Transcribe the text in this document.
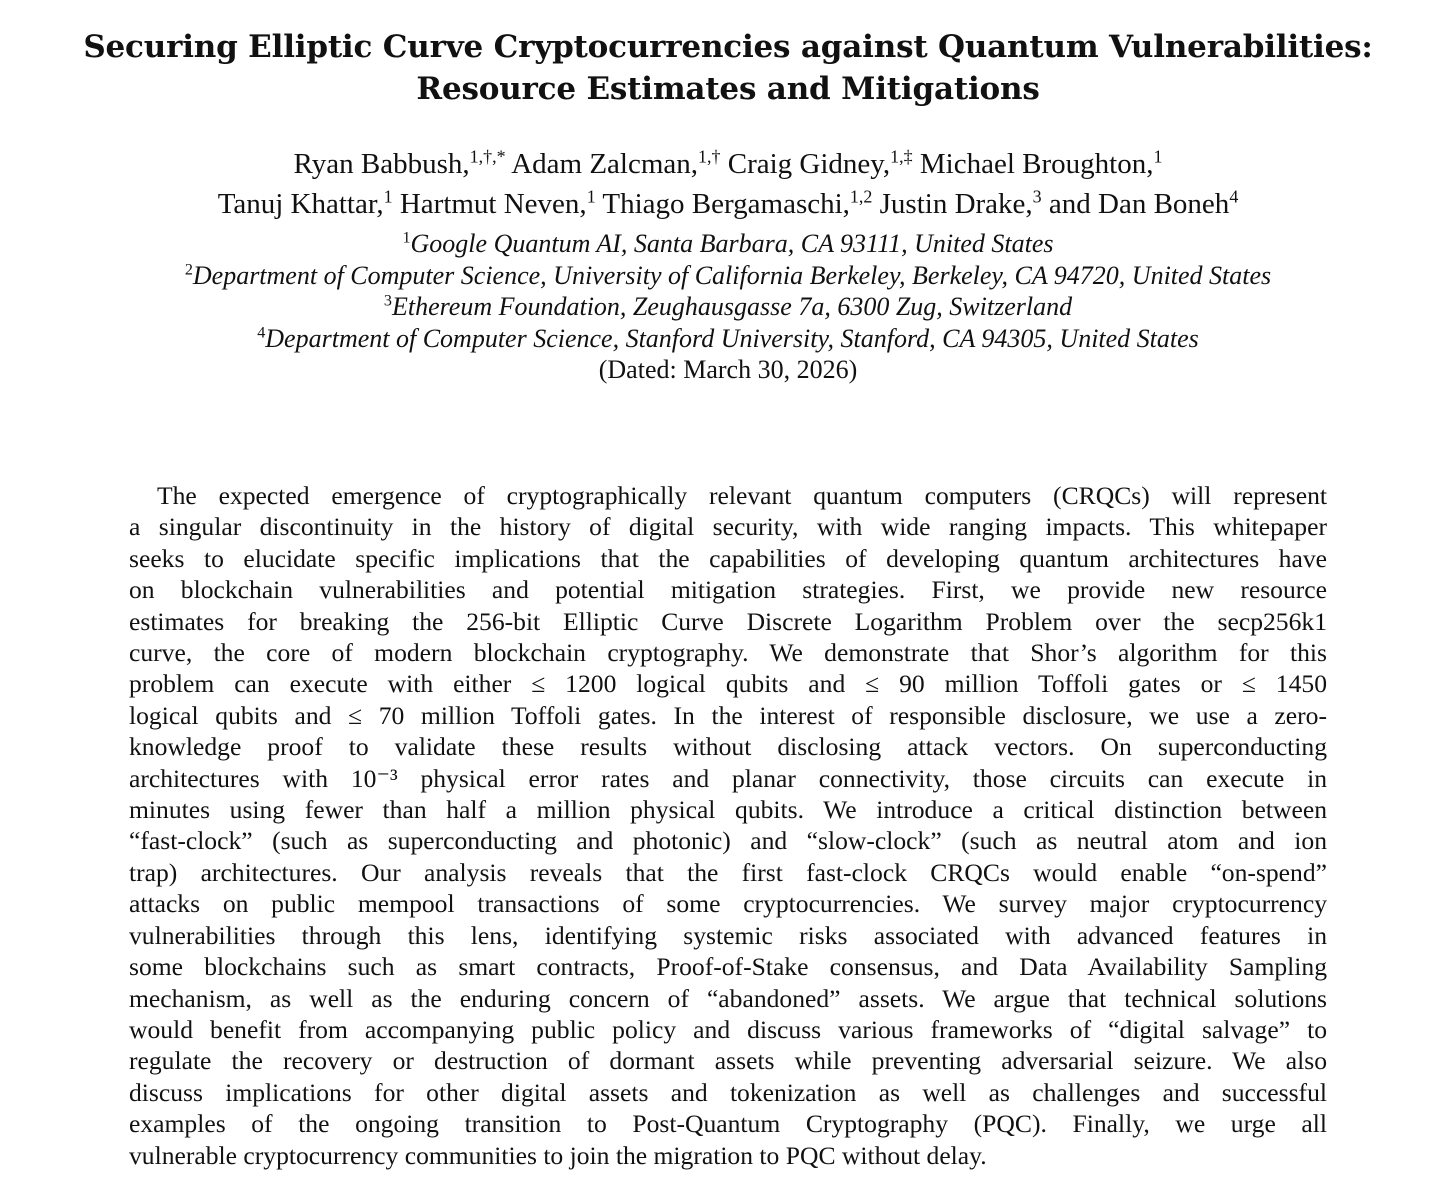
Securing Elliptic Curve Cryptocurrencies against Quantum Vulnerabilities:
Resource Estimates and Mitigations
Ryan Babbush,$^{1,\dagger,*}$ Adam Zalcman,$^{1,\dagger}$ Craig Gidney,$^{1,\ddagger}$ Michael Broughton,$^1$
Tanuj Khattar,$^1$ Hartmut Neven,$^1$ Thiago Bergamaschi,$^{1,2}$ Justin Drake,$^3$ and Dan Boneh$^4$
$^1$Google Quantum AI, Santa Barbara, CA 93111, United States
$^2$Department of Computer Science, University of California Berkeley, Berkeley, CA 94720, United States
$^3$Ethereum Foundation, Zeughausgasse 7a, 6300 Zug, Switzerland
$^4$Department of Computer Science, Stanford University, Stanford, CA 94305, United States
(Dated: March 30, 2026)
The expected emergence of cryptographically relevant quantum computers (CRQCs) will represent
a singular discontinuity in the history of digital security, with wide ranging impacts. This whitepaper
seeks to elucidate specific implications that the capabilities of developing quantum architectures have
on blockchain vulnerabilities and potential mitigation strategies. First, we provide new resource
estimates for breaking the 256-bit Elliptic Curve Discrete Logarithm Problem over the secp256k1
curve, the core of modern blockchain cryptography. We demonstrate that Shor’s algorithm for this
problem can execute with either ≤ 1200 logical qubits and ≤ 90 million Toffoli gates or ≤ 1450
logical qubits and ≤ 70 million Toffoli gates. In the interest of responsible disclosure, we use a zero-
knowledge proof to validate these results without disclosing attack vectors. On superconducting
architectures with 10⁻³ physical error rates and planar connectivity, those circuits can execute in
minutes using fewer than half a million physical qubits. We introduce a critical distinction between
“fast-clock” (such as superconducting and photonic) and “slow-clock” (such as neutral atom and ion
trap) architectures. Our analysis reveals that the first fast-clock CRQCs would enable “on-spend”
attacks on public mempool transactions of some cryptocurrencies. We survey major cryptocurrency
vulnerabilities through this lens, identifying systemic risks associated with advanced features in
some blockchains such as smart contracts, Proof-of-Stake consensus, and Data Availability Sampling
mechanism, as well as the enduring concern of “abandoned” assets. We argue that technical solutions
would benefit from accompanying public policy and discuss various frameworks of “digital salvage” to
regulate the recovery or destruction of dormant assets while preventing adversarial seizure. We also
discuss implications for other digital assets and tokenization as well as challenges and successful
examples of the ongoing transition to Post-Quantum Cryptography (PQC). Finally, we urge all
vulnerable cryptocurrency communities to join the migration to PQC without delay.
